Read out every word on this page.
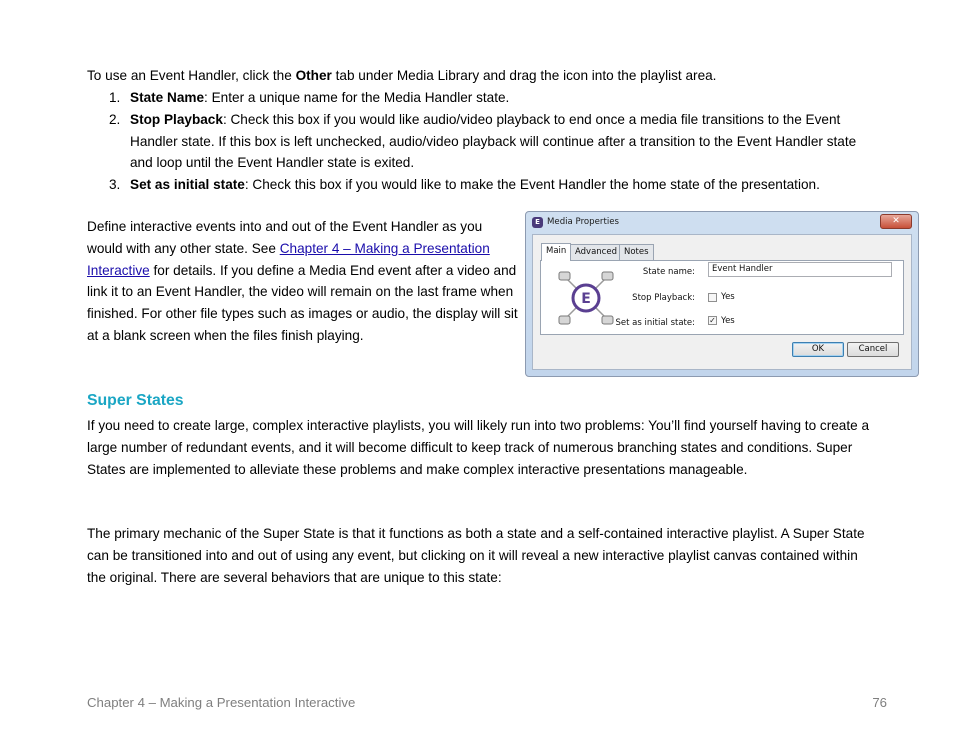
To use an Event Handler, click the Other tab under Media Library and drag the icon into the playlist area.

1. State Name: Enter a unique name for the Media Handler state.
2. Stop Playback: Check this box if you would like audio/video playback to end once a media file transitions to the Event Handler state. If this box is left unchecked, audio/video playback will continue after a transition to the Event Handler state and loop until the Event Handler state is exited.
3. Set as initial state: Check this box if you would like to make the Event Handler the home state of the presentation.

Define interactive events into and out of the Event Handler as you would with any other state. See Chapter 4 – Making a Presentation Interactive for details. If you define a Media End event after a video and link it to an Event Handler, the video will remain on the last frame when finished. For other file types such as images or audio, the display will sit at a blank screen when the files finish playing.

E Media Properties	✕
Main	Advanced Notes
E
State name:	Event Handler
Stop Playback:	Yes
Set as initial state: ✓ Yes
OK	Cancel
Super States

If you need to create large, complex interactive playlists, you will likely run into two problems: You’ll find yourself having to create a large number of redundant events, and it will become difficult to keep track of numerous branching states and conditions. Super States are implemented to alleviate these problems and make complex interactive presentations manageable.

The primary mechanic of the Super State is that it functions as both a state and a self-contained interactive playlist. A Super State can be transitioned into and out of using any event, but clicking on it will reveal a new interactive playlist canvas contained within the original. There are several behaviors that are unique to this state:

Chapter 4 – Making a Presentation Interactive	76
